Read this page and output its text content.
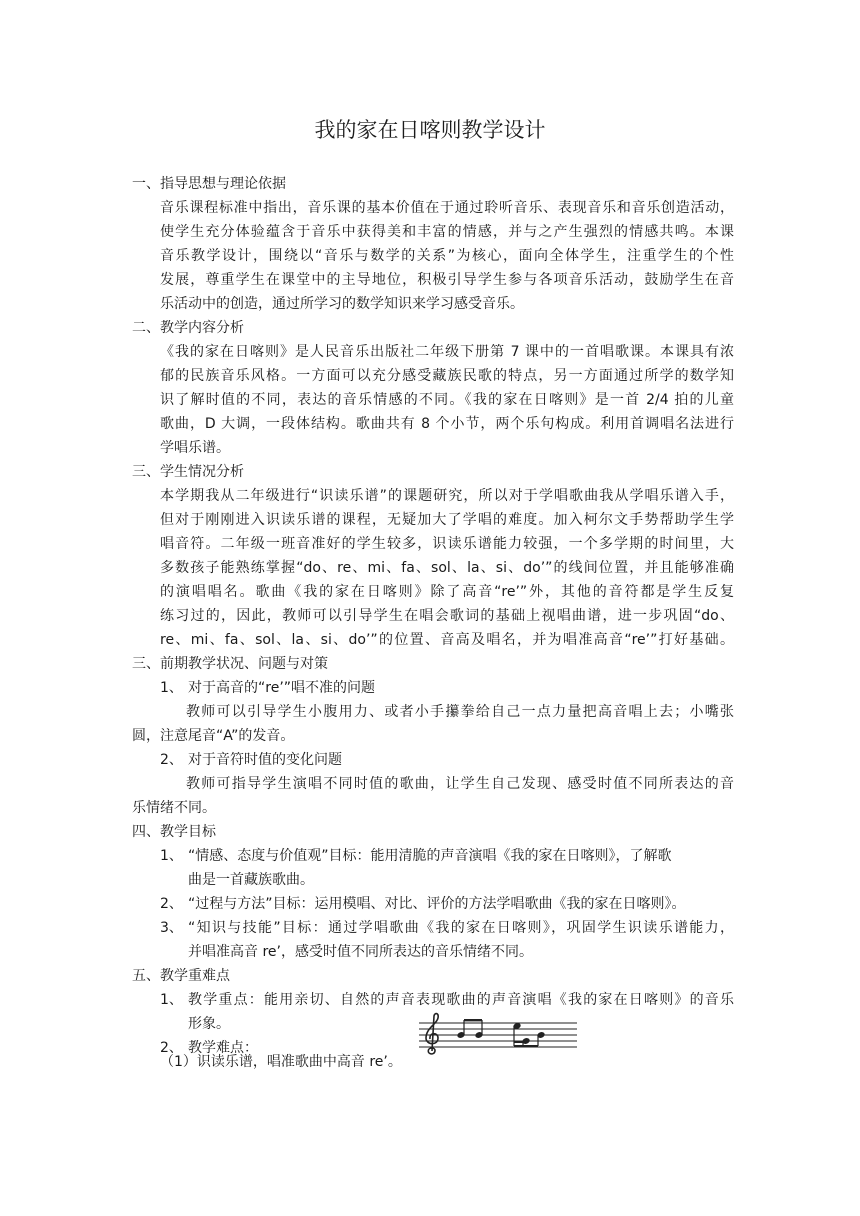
我的家在日喀则教学设计
一、指导思想与理论依据
音乐课程标准中指出，音乐课的基本价值在于通过聆听音乐、表现音乐和音乐创造活动，
使学生充分体验蕴含于音乐中获得美和丰富的情感，并与之产生强烈的情感共鸣。本课
音乐教学设计，围绕以“音乐与数学的关系”为核心，面向全体学生，注重学生的个性
发展，尊重学生在课堂中的主导地位，积极引导学生参与各项音乐活动，鼓励学生在音
乐活动中的创造，通过所学习的数学知识来学习感受音乐。
二、教学内容分析
《我的家在日喀则》是人民音乐出版社二年级下册第 7 课中的一首唱歌课。本课具有浓
郁的民族音乐风格。一方面可以充分感受藏族民歌的特点，另一方面通过所学的数学知
识了解时值的不同，表达的音乐情感的不同。《我的家在日喀则》是一首 2/4 拍的儿童
歌曲，D 大调，一段体结构。歌曲共有 8 个小节，两个乐句构成。利用首调唱名法进行
学唱乐谱。
三、学生情况分析
本学期我从二年级进行“识读乐谱”的课题研究，所以对于学唱歌曲我从学唱乐谱入手，
但对于刚刚进入识读乐谱的课程，无疑加大了学唱的难度。加入柯尔文手势帮助学生学
唱音符。二年级一班音准好的学生较多，识读乐谱能力较强，一个多学期的时间里，大
多数孩子能熟练掌握“do、re、mi、fa、sol、la、si、do’”的线间位置，并且能够准确
的演唱唱名。歌曲《我的家在日喀则》除了高音“re’”外，其他的音符都是学生反复
练习过的，因此，教师可以引导学生在唱会歌词的基础上视唱曲谱，进一步巩固“do、
re、mi、fa、sol、la、si、do’”的位置、音高及唱名，并为唱准高音“re’”打好基础。
三、前期教学状况、问题与对策
1、 对于高音的“re’”唱不准的问题
教师可以引导学生小腹用力、或者小手攥拳给自己一点力量把高音唱上去；小嘴张
圆，注意尾音“A”的发音。
2、 对于音符时值的变化问题
教师可指导学生演唱不同时值的歌曲，让学生自己发现、感受时值不同所表达的音
乐情绪不同。
四、教学目标
1、 “情感、态度与价值观”目标：能用清脆的声音演唱《我的家在日喀则》，了解歌
曲是一首藏族歌曲。
2、 “过程与方法”目标：运用模唱、对比、评价的方法学唱歌曲《我的家在日喀则》。
3、 “知识与技能”目标：通过学唱歌曲《我的家在日喀则》，巩固学生识读乐谱能力，
并唱准高音 re’，感受时值不同所表达的音乐情绪不同。
五、教学重难点
1、 教学重点：能用亲切、自然的声音表现歌曲的声音演唱《我的家在日喀则》的音乐
形象。
2、 教学难点：
（1）识读乐谱，唱准歌曲中高音 re’。
